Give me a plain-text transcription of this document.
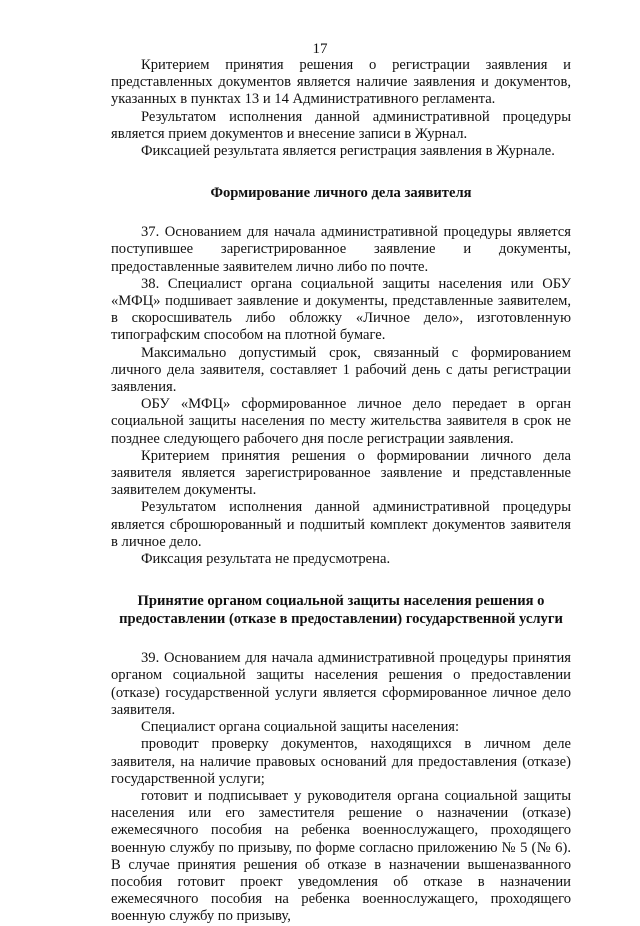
17

Критерием принятия решения о регистрации заявления и представленных документов является наличие заявления и документов, указанных в пунктах 13 и 14 Административного регламента.

Результатом исполнения данной административной процедуры является прием документов и внесение записи в Журнал.

Фиксацией результата является регистрация заявления в Журнале.

Формирование личного дела заявителя

37. Основанием для начала административной процедуры является поступившее зарегистрированное заявление и документы, предоставленные заявителем лично либо по почте.

38. Специалист органа социальной защиты населения или ОБУ «МФЦ» подшивает заявление и документы, представленные заявителем, в скоросшиватель либо обложку «Личное дело», изготовленную типографским способом на плотной бумаге.

Максимально допустимый срок, связанный с формированием личного дела заявителя, составляет 1 рабочий день с даты регистрации заявления.

ОБУ «МФЦ» сформированное личное дело передает в орган социальной защиты населения по месту жительства заявителя в срок не позднее следующего рабочего дня после регистрации заявления.

Критерием принятия решения о формировании личного дела заявителя является зарегистрированное заявление и представленные заявителем документы.

Результатом исполнения данной административной процедуры является сброшюрованный и подшитый комплект документов заявителя в личное дело.

Фиксация результата не предусмотрена.

Принятие органом социальной защиты населения решения о предоставлении (отказе в предоставлении) государственной услуги

39. Основанием для начала административной процедуры принятия органом социальной защиты населения решения о предоставлении (отказе) государственной услуги является сформированное личное дело заявителя.

Специалист органа социальной защиты населения:

проводит проверку документов, находящихся в личном деле заявителя, на наличие правовых оснований для предоставления (отказе) государственной услуги;

готовит и подписывает у руководителя органа социальной защиты населения или его заместителя решение о назначении (отказе) ежемесячного пособия на ребенка военнослужащего, проходящего военную службу по призыву, по форме согласно приложению № 5 (№ 6). В случае принятия решения об отказе в назначении вышеназванного пособия готовит проект уведомления об отказе в назначении ежемесячного пособия на ребенка военнослужащего, проходящего военную службу по призыву,
